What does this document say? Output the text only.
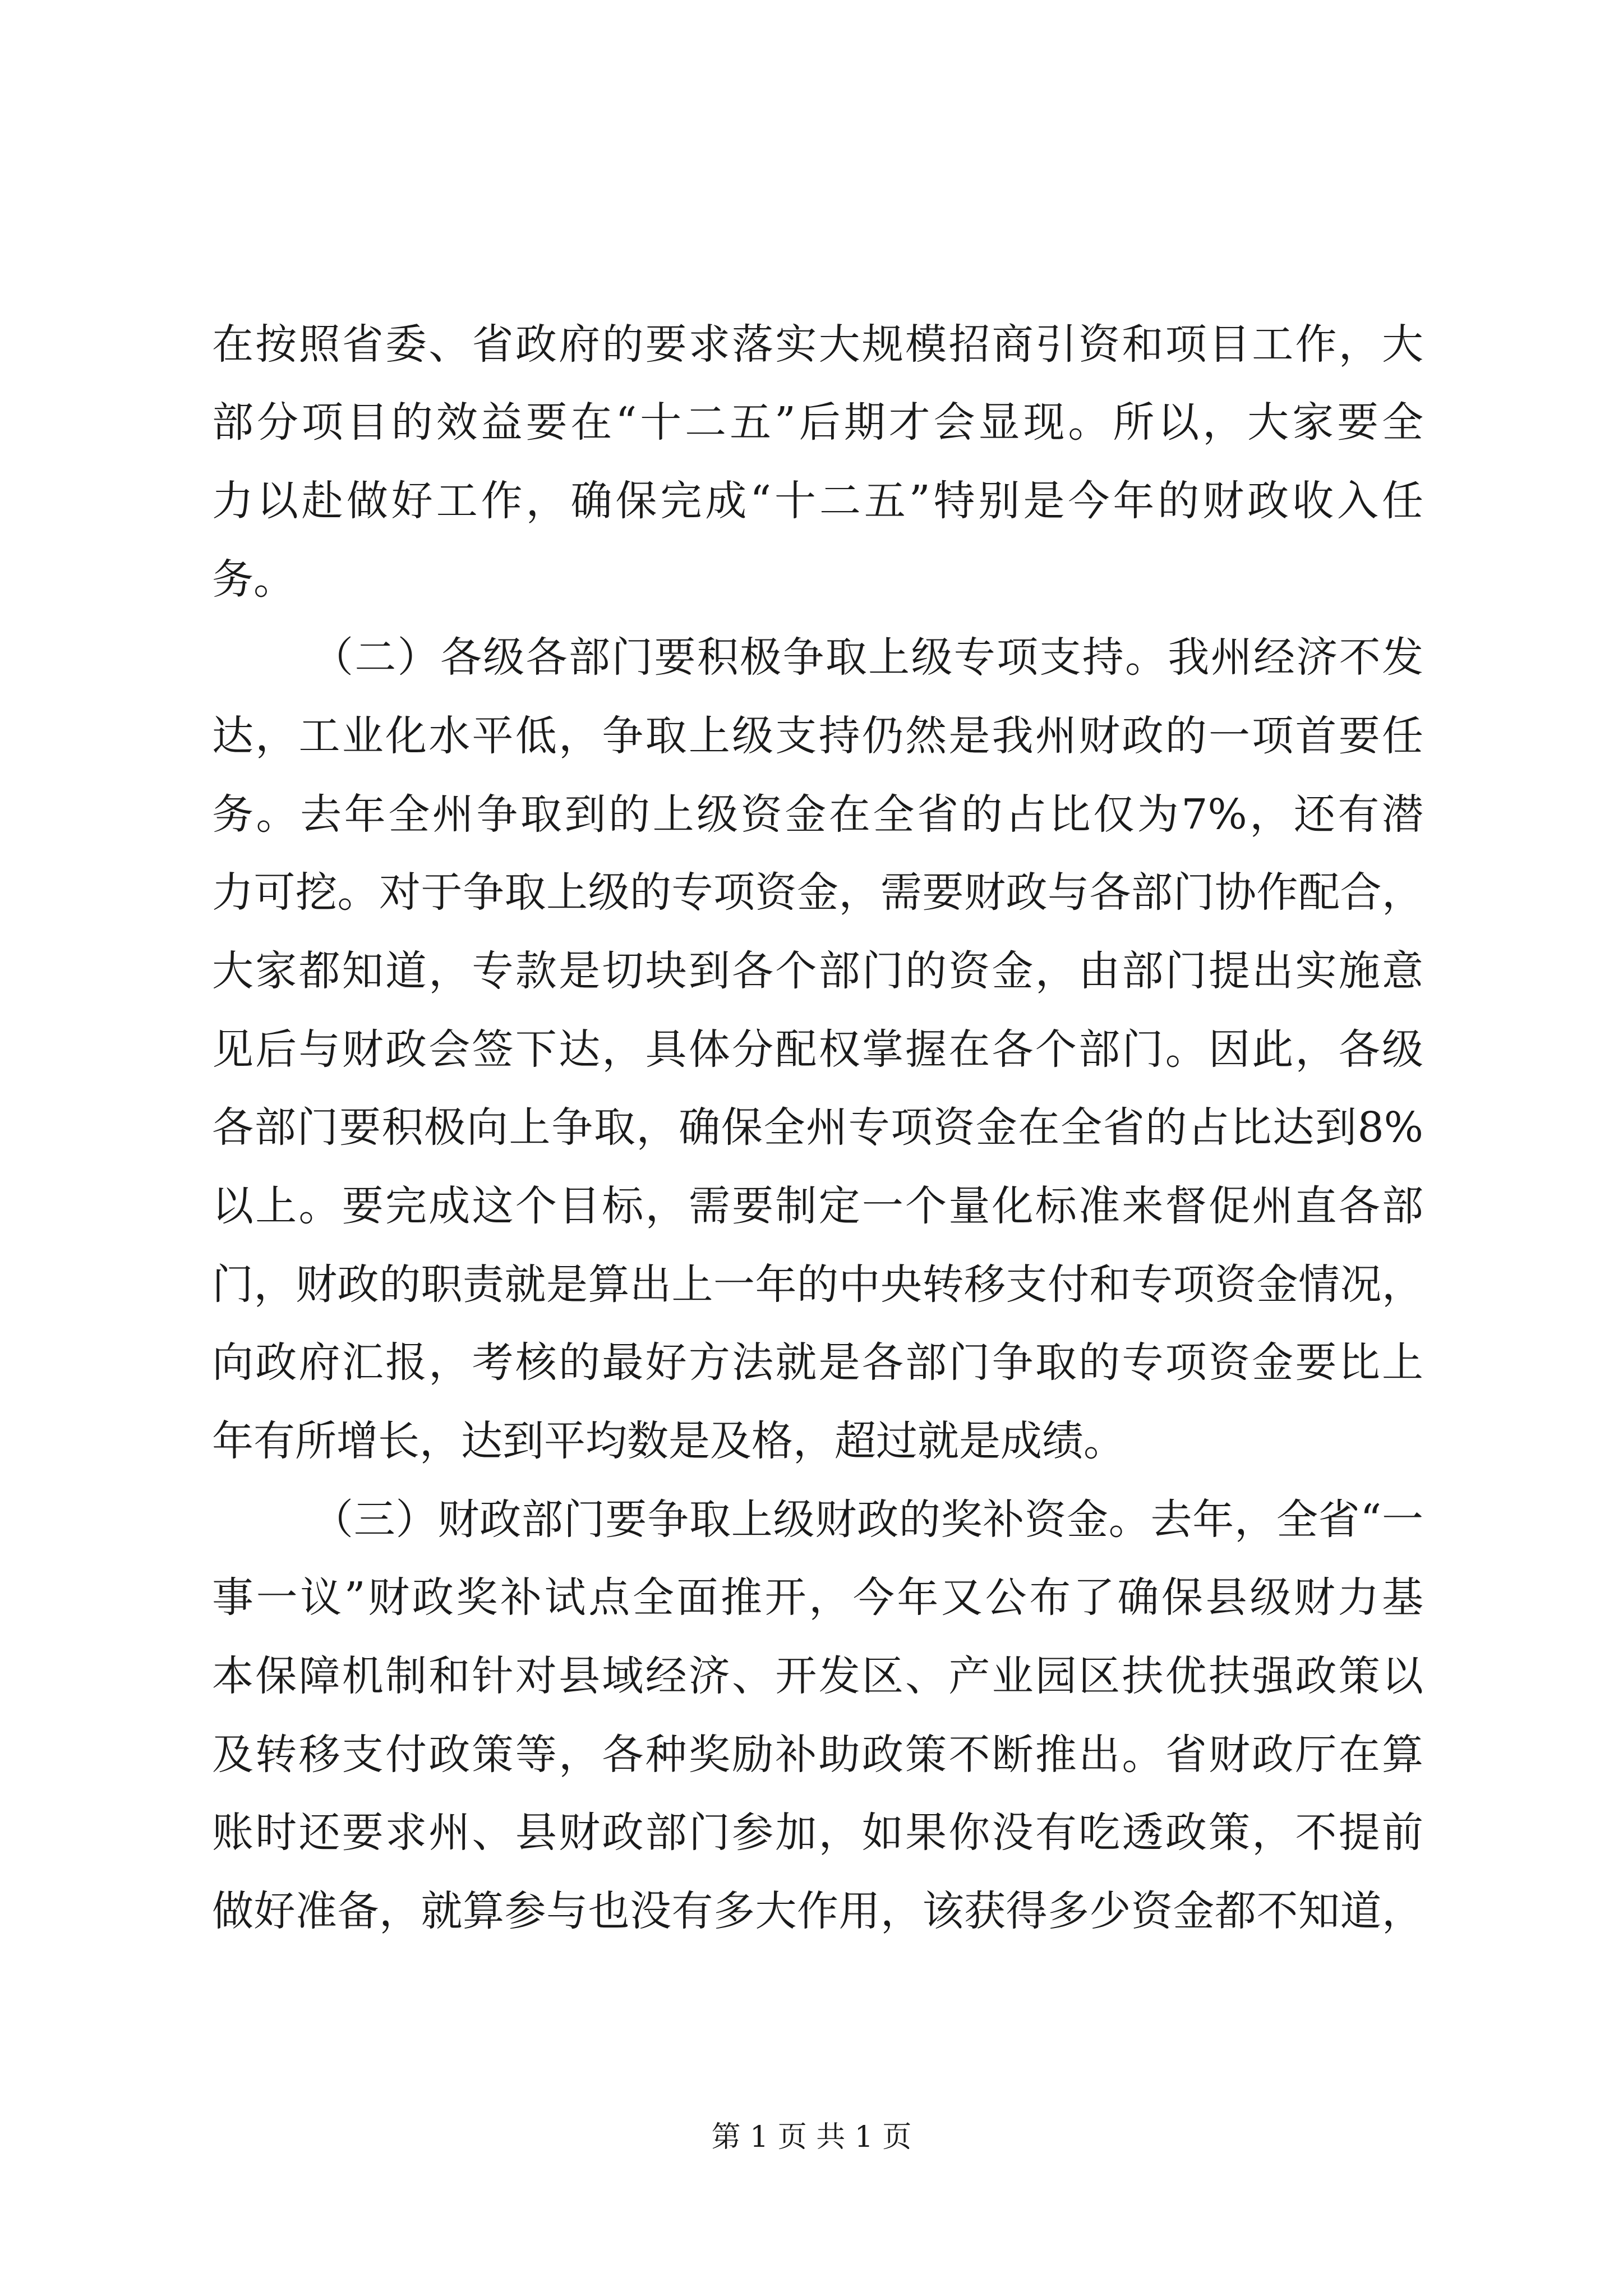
在按照省委、省政府的要求落实大规模招商引资和项目工作，大
部分项目的效益要在“十二五”后期才会显现。所以，大家要全
力以赴做好工作，确保完成“十二五”特别是今年的财政收入任
务。
（二）各级各部门要积极争取上级专项支持。我州经济不发
达，工业化水平低，争取上级支持仍然是我州财政的一项首要任
务。去年全州争取到的上级资金在全省的占比仅为7%，还有潜
力可挖。对于争取上级的专项资金，需要财政与各部门协作配合，
大家都知道，专款是切块到各个部门的资金，由部门提出实施意
见后与财政会签下达，具体分配权掌握在各个部门。因此，各级
各部门要积极向上争取，确保全州专项资金在全省的占比达到8%
以上。要完成这个目标，需要制定一个量化标准来督促州直各部
门，财政的职责就是算出上一年的中央转移支付和专项资金情况，
向政府汇报，考核的最好方法就是各部门争取的专项资金要比上
年有所增长，达到平均数是及格，超过就是成绩。
（三）财政部门要争取上级财政的奖补资金。去年，全省“一
事一议”财政奖补试点全面推开，今年又公布了确保县级财力基
本保障机制和针对县域经济、开发区、产业园区扶优扶强政策以
及转移支付政策等，各种奖励补助政策不断推出。省财政厅在算
账时还要求州、县财政部门参加，如果你没有吃透政策，不提前
做好准备，就算参与也没有多大作用，该获得多少资金都不知道，
第 1 页 共 1 页
